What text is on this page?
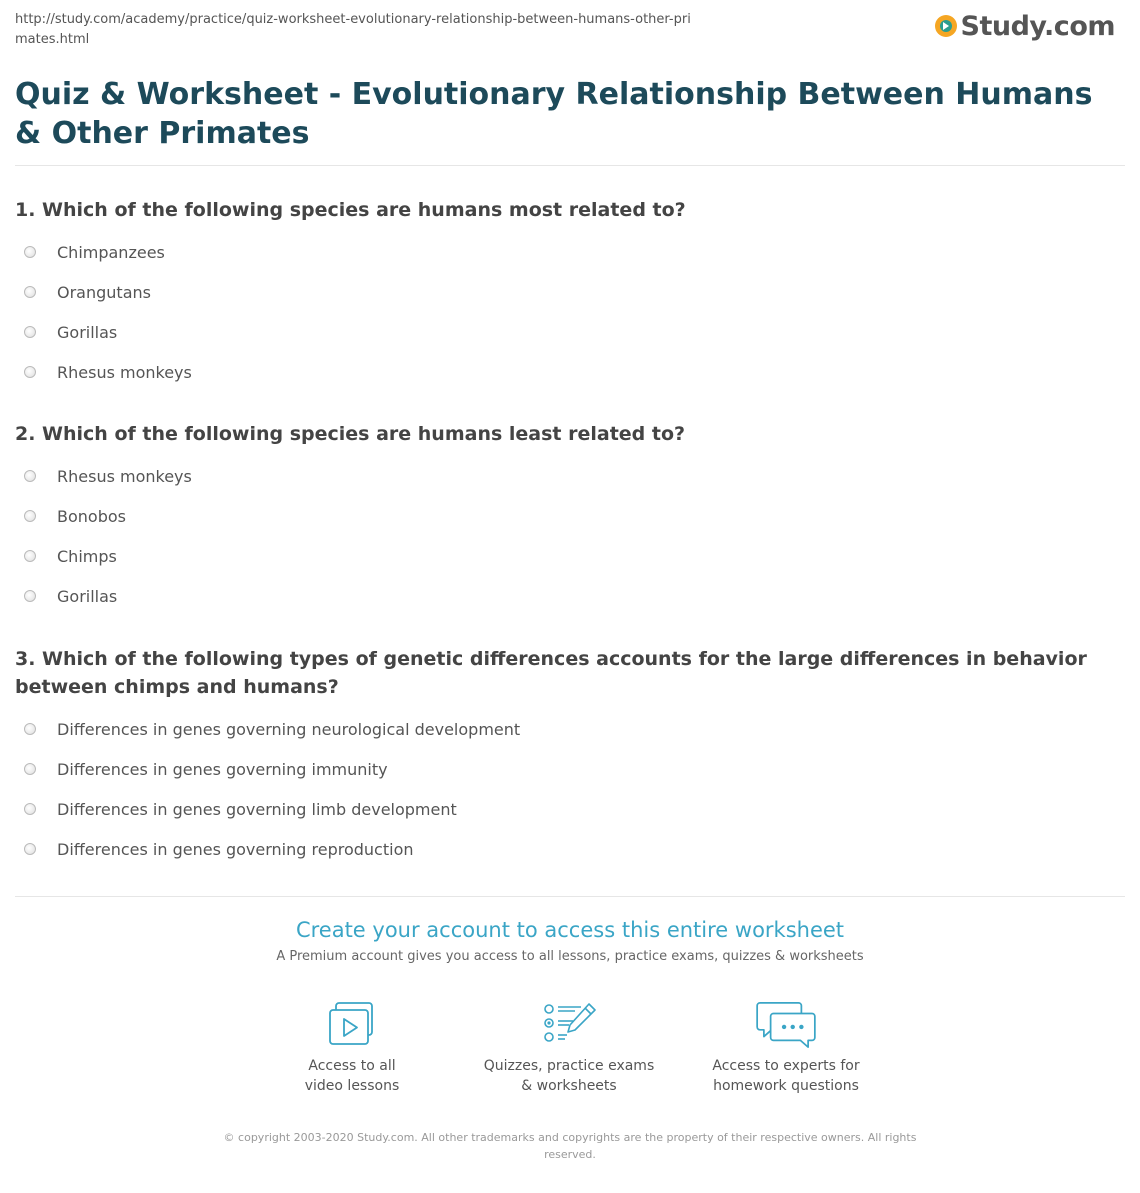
http://study.com/academy/practice/quiz-worksheet-evolutionary-relationship-between-humans-other-primates.html	Study.com
Quiz & Worksheet - Evolutionary Relationship Between Humans & Other Primates

1. Which of the following species are humans most related to?

Chimpanzees
Orangutans
Gorillas
Rhesus monkeys

2. Which of the following species are humans least related to?

Rhesus monkeys
Bonobos
Chimps
Gorillas

3. Which of the following types of genetic differences accounts for the large differences in behavior between chimps and humans?

Differences in genes governing neurological development
Differences in genes governing immunity
Differences in genes governing limb development
Differences in genes governing reproduction
Create your account to access this entire worksheet
A Premium account gives you access to all lessons, practice exams, quizzes & worksheets
Access to all
video lessons
Quizzes, practice exams
& worksheets
Access to experts for
homework questions
© copyright 2003-2020 Study.com. All other trademarks and copyrights are the property of their respective owners. All rights reserved.
